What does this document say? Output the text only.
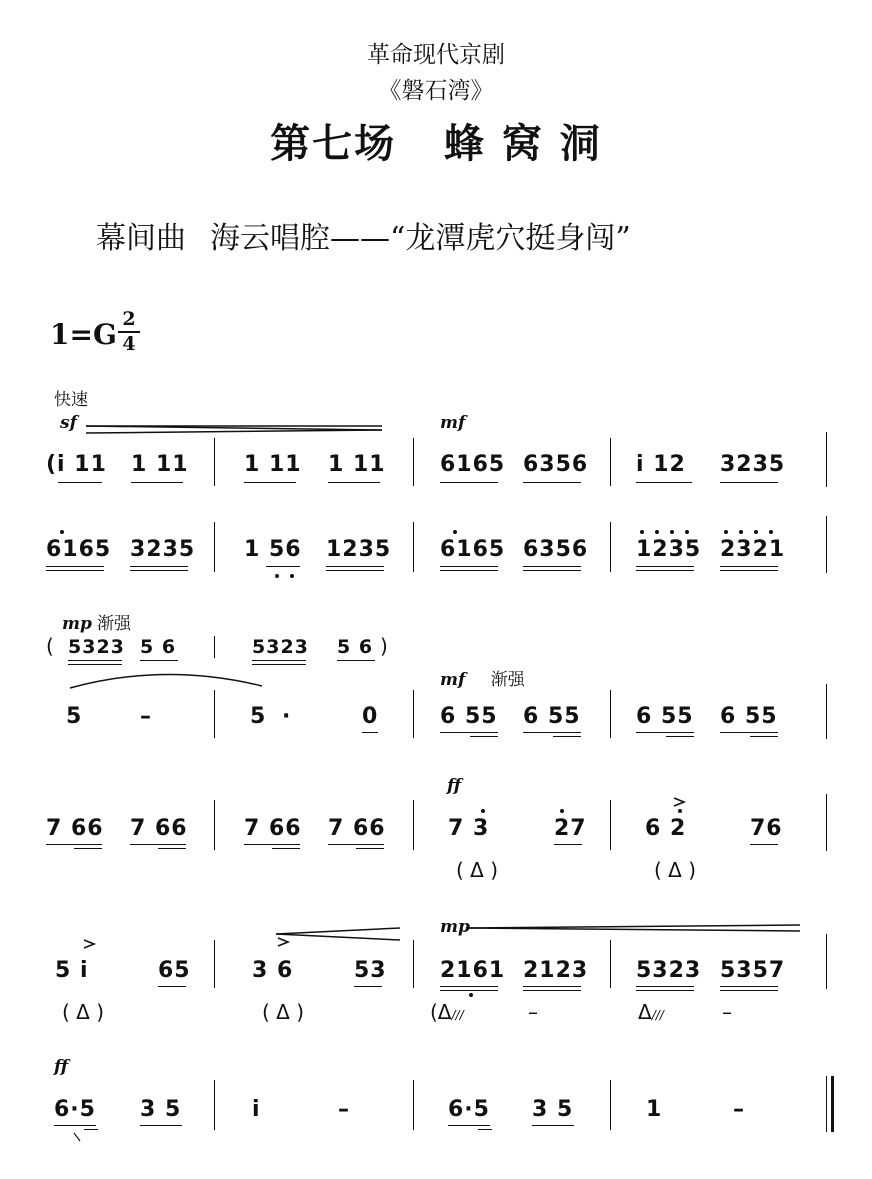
革命现代京剧
《磐石湾》
第七场 蜂 窝 洞
幕间曲 海云唱腔——“龙潭虎穴挺身闯”
1=G 2
4
快速
sf	mf
(i 11 1 11	1 11 1 11 6165 6356 i 12 3235
6165 3235 1 56 1235 6165 6356 1235 2321
mp 渐强
( 5323 5 6	5323 5 6 )
mf 渐强
5	–	5 ·	0	6 55 6 55	6 55 6 55
ff
7 66 7 66	7 66 7 66	7 3	27	6 2	76
( Δ )	( Δ )
mp
5 i	65	3 6	53 2161 2123 5323 5357
( Δ )	( Δ )	(Δ///	–	Δ///	–
ff
6·5 3 5	i	–	6·5 3 5	1	–
